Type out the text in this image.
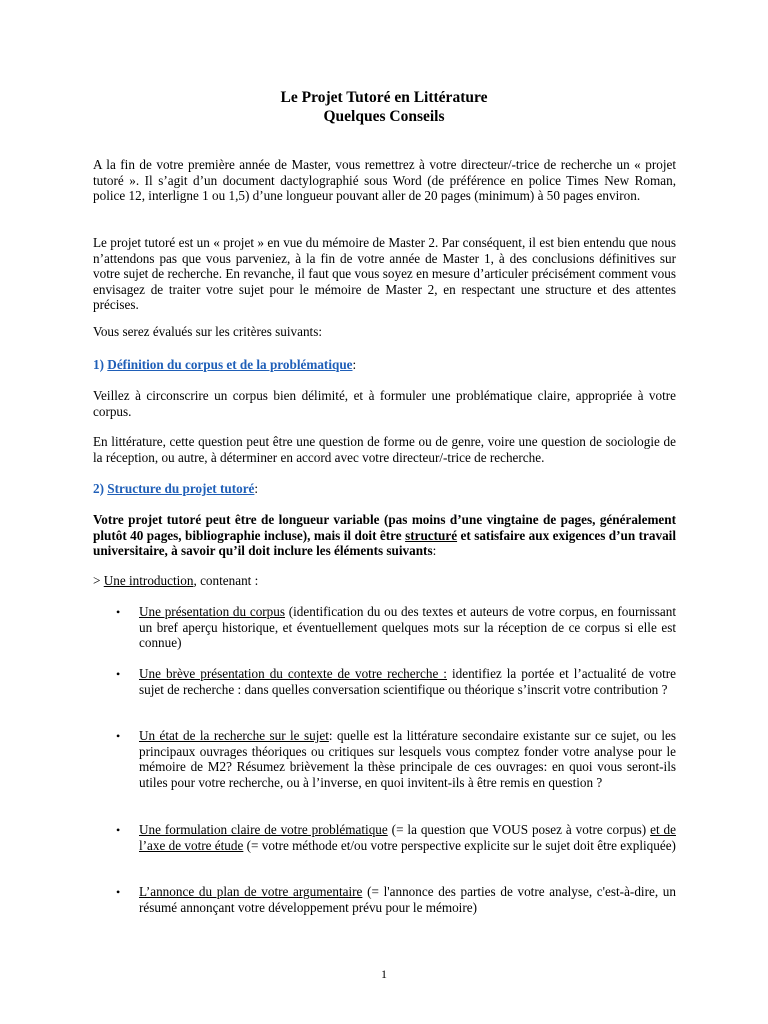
Le Projet Tutoré en Littérature
Quelques Conseils

A la fin de votre première année de Master, vous remettrez à votre directeur/-trice de recherche un « projet tutoré ». Il s’agit d’un document dactylographié sous Word (de préférence en police Times New Roman, police 12, interligne 1 ou 1,5) d’une longueur pouvant aller de 20 pages (minimum) à 50 pages environ.

Le projet tutoré est un « projet » en vue du mémoire de Master 2. Par conséquent, il est bien entendu que nous n’attendons pas que vous parveniez, à la fin de votre année de Master 1, à des conclusions définitives sur votre sujet de recherche. En revanche, il faut que vous soyez en mesure d’articuler précisément comment vous envisagez de traiter votre sujet pour le mémoire de Master 2, en respectant une structure et des attentes précises.

Vous serez évalués sur les critères suivants:

1) Définition du corpus et de la problématique:

Veillez à circonscrire un corpus bien délimité, et à formuler une problématique claire, appropriée à votre corpus.

En littérature, cette question peut être une question de forme ou de genre, voire une question de sociologie de la réception, ou autre, à déterminer en accord avec votre directeur/-trice de recherche.

2) Structure du projet tutoré:

Votre projet tutoré peut être de longueur variable (pas moins d’une vingtaine de pages, généralement plutôt 40 pages, bibliographie incluse), mais il doit être structuré et satisfaire aux exigences d’un travail universitaire, à savoir qu’il doit inclure les éléments suivants:

> Une introduction, contenant :

• Une présentation du corpus (identification du ou des textes et auteurs de votre corpus, en fournissant un bref aperçu historique, et éventuellement quelques mots sur la réception de ce corpus si elle est connue)

• Une brève présentation du contexte de votre recherche : identifiez la portée et l’actualité de votre sujet de recherche : dans quelles conversation scientifique ou théorique s’inscrit votre contribution ?

• Un état de la recherche sur le sujet: quelle est la littérature secondaire existante sur ce sujet, ou les principaux ouvrages théoriques ou critiques sur lesquels vous comptez fonder votre analyse pour le mémoire de M2? Résumez brièvement la thèse principale de ces ouvrages: en quoi vous seront-ils utiles pour votre recherche, ou à l’inverse, en quoi invitent-ils à être remis en question ?

• Une formulation claire de votre problématique (= la question que VOUS posez à votre corpus) et de l’axe de votre étude (= votre méthode et/ou votre perspective explicite sur le sujet doit être expliquée)

• L’annonce du plan de votre argumentaire (= l'annonce des parties de votre analyse, c'est-à-dire, un résumé annonçant votre développement prévu pour le mémoire)

1
